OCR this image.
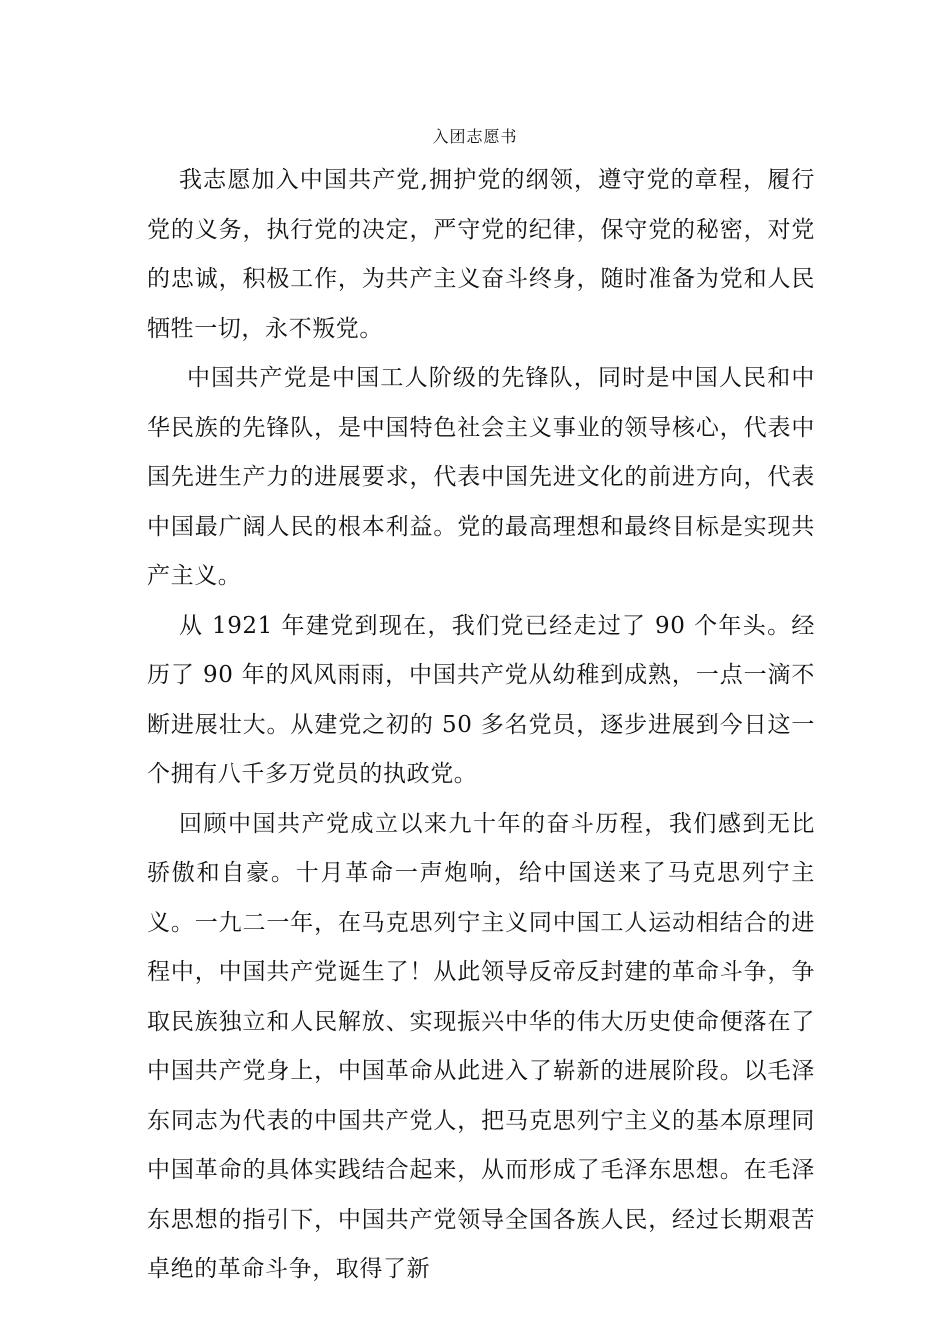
入团志愿书

我志愿加入中国共产党,拥护党的纲领，遵守党的章程，履行党的义务，执行党的决定，严守党的纪律，保守党的秘密，对党的忠诚，积极工作，为共产主义奋斗终身，随时准备为党和人民牺牲一切，永不叛党。

中国共产党是中国工人阶级的先锋队，同时是中国人民和中华民族的先锋队，是中国特色社会主义事业的领导核心，代表中国先进生产力的进展要求，代表中国先进文化的前进方向，代表中国最广阔人民的根本利益。党的最高理想和最终目标是实现共产主义。

从 1921 年建党到现在，我们党已经走过了 90 个年头。经历了 90 年的风风雨雨，中国共产党从幼稚到成熟，一点一滴不断进展壮大。从建党之初的 50 多名党员，逐步进展到今日这一个拥有八千多万党员的执政党。

回顾中国共产党成立以来九十年的奋斗历程，我们感到无比骄傲和自豪。十月革命一声炮响，给中国送来了马克思列宁主义。一九二一年，在马克思列宁主义同中国工人运动相结合的进程中，中国共产党诞生了！从此领导反帝反封建的革命斗争，争取民族独立和人民解放、实现振兴中华的伟大历史使命便落在了中国共产党身上，中国革命从此进入了崭新的进展阶段。以毛泽东同志为代表的中国共产党人，把马克思列宁主义的基本原理同中国革命的具体实践结合起来，从而形成了毛泽东思想。在毛泽东思想的指引下，中国共产党领导全国各族人民，经过长期艰苦卓绝的革命斗争，取得了新
